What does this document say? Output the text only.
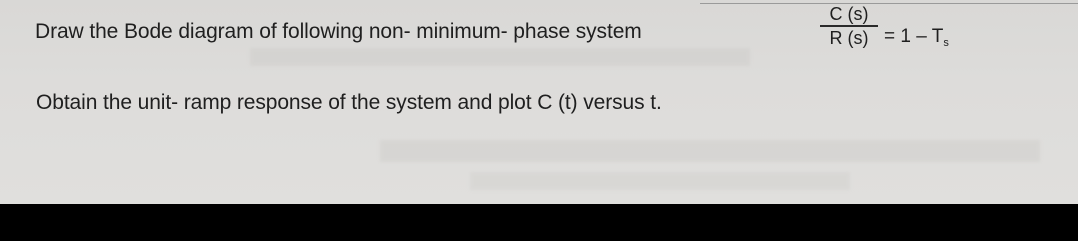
Draw the Bode diagram of following non- minimum- phase system
C (s)
R $(s) = 1 - T_s$
Obtain the unit- ramp response of the system and plot C (t) versus t.
